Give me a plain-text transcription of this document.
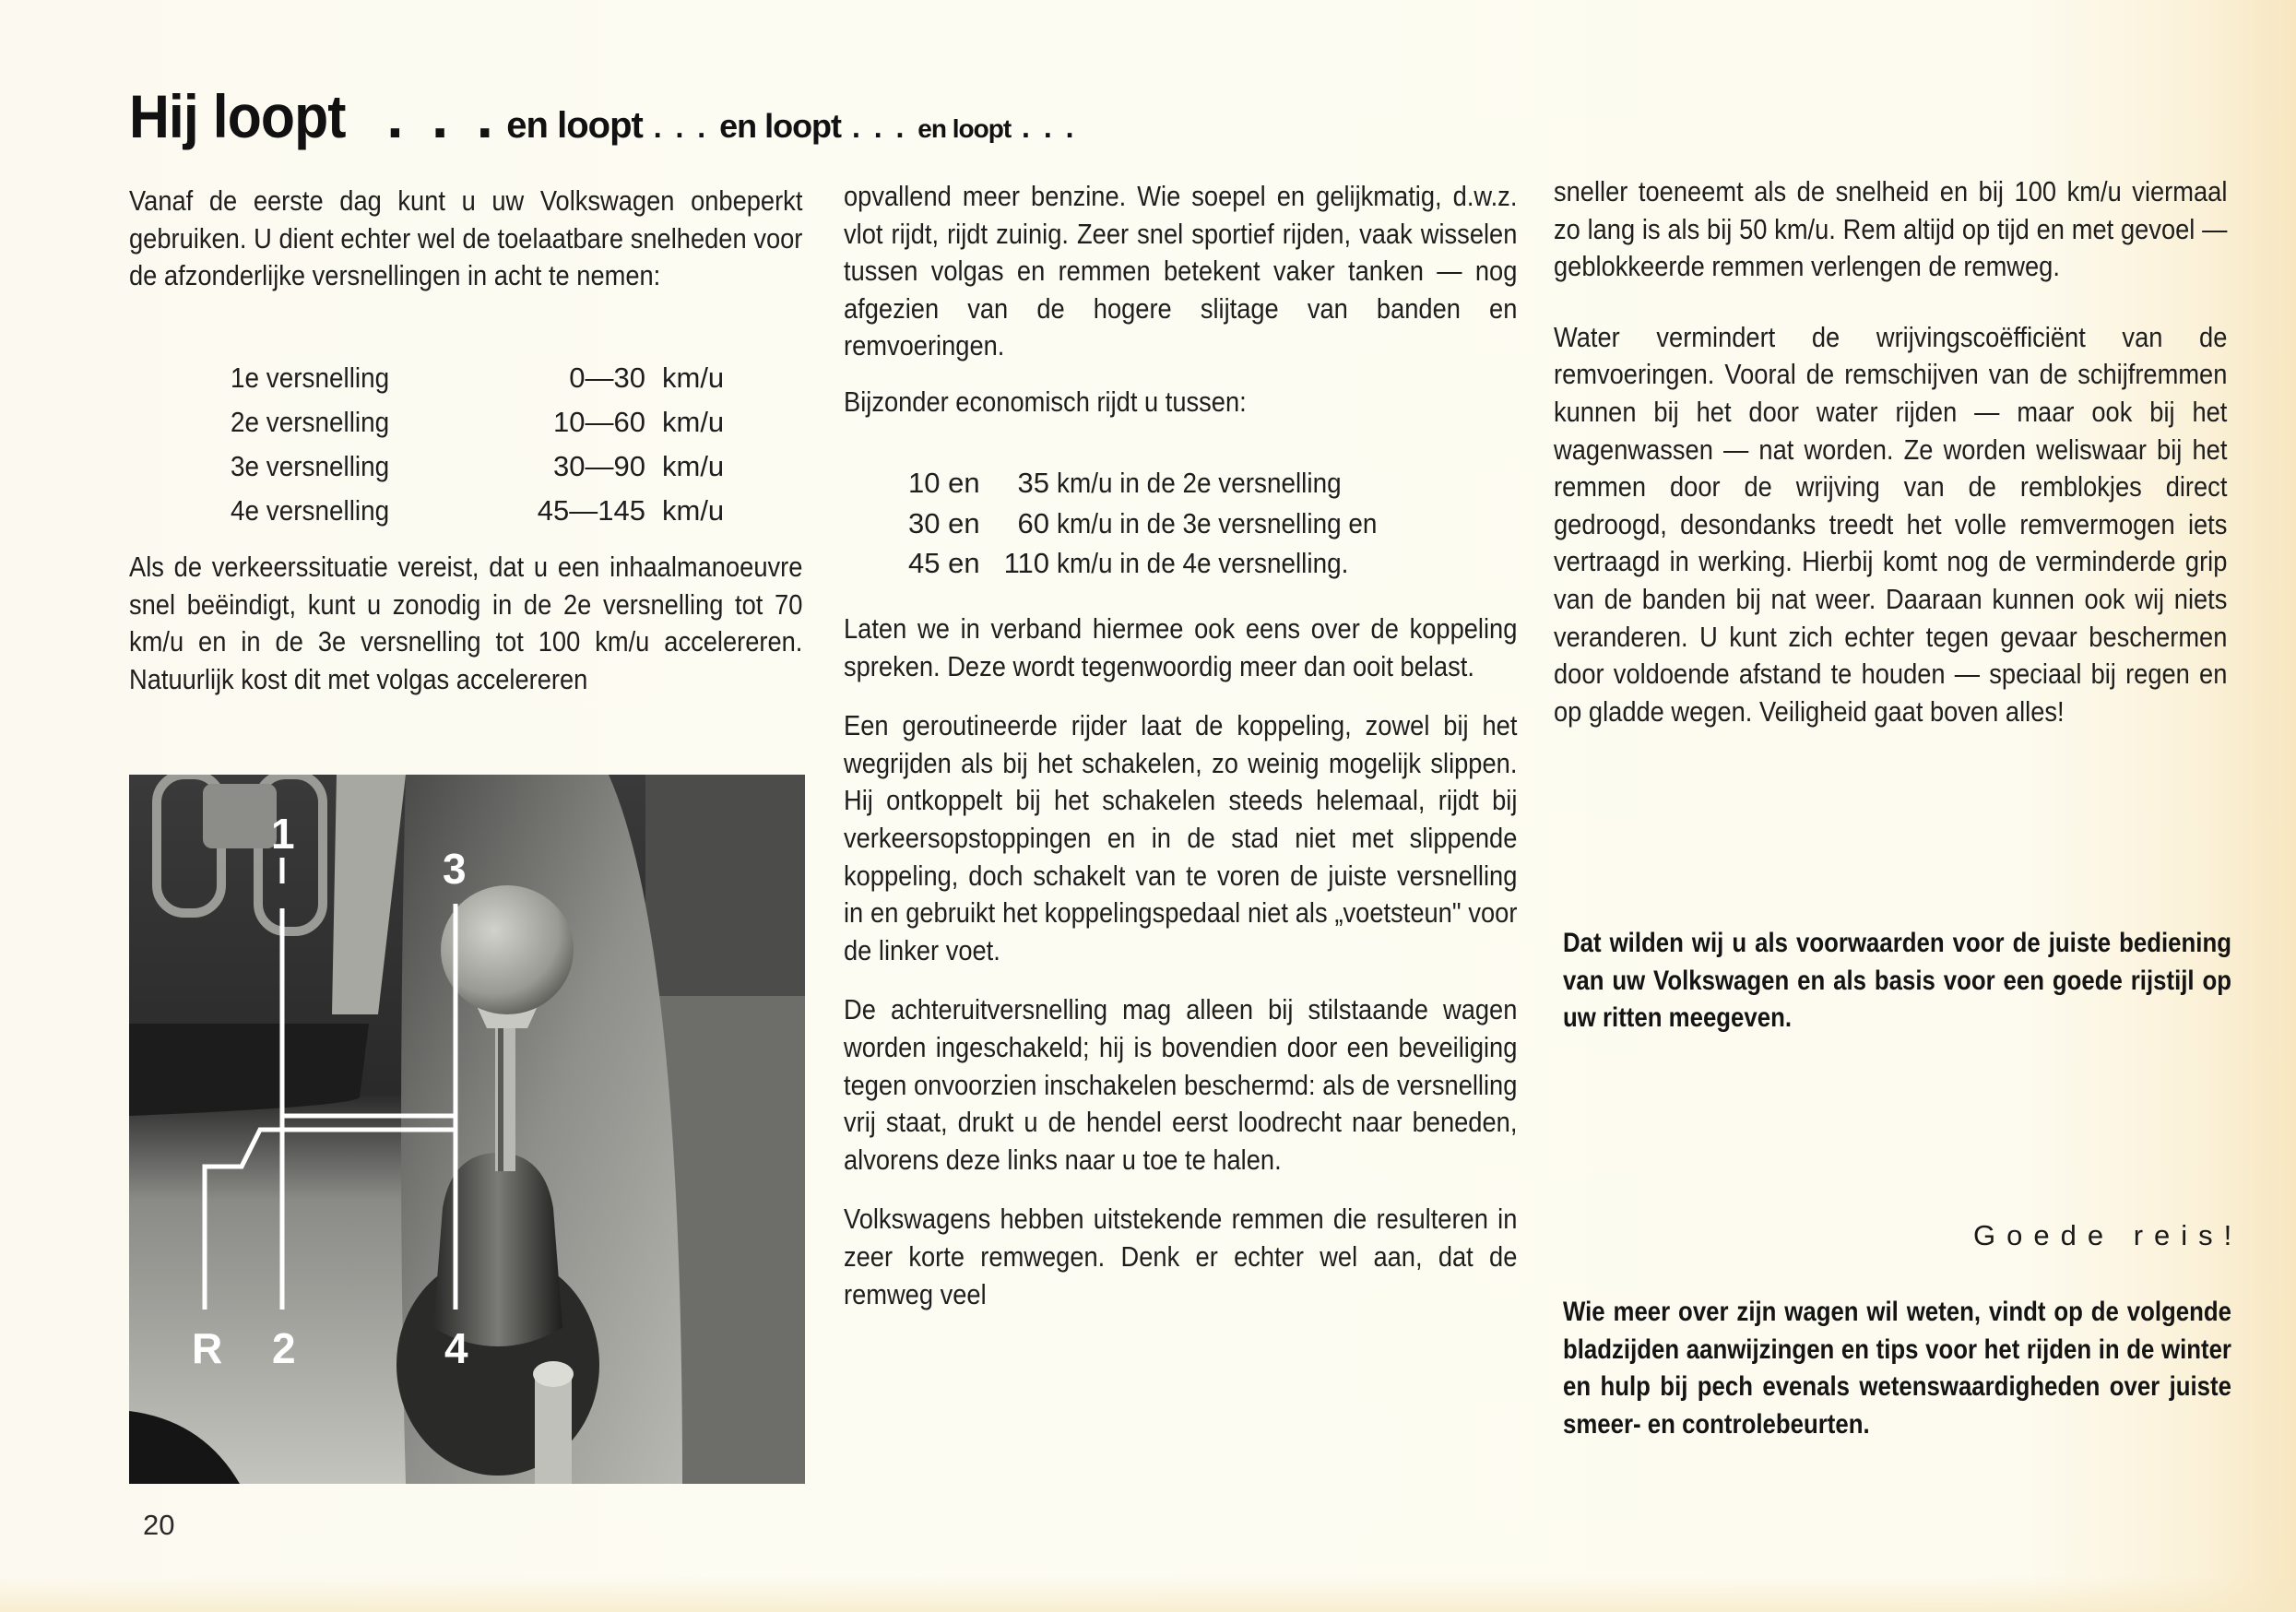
Hij loopt . . . en loopt . . . en loopt . . . en loopt . . .

Vanaf de eerste dag kunt u uw Volkswagen onbeperkt gebruiken. U dient echter wel de toelaatbare snelheden voor de afzonderlijke versnellingen in acht te nemen:

1e versnelling	0—30 km/u
2e versnelling	10—60 km/u
3e versnelling	30—90 km/u
4e versnelling	45—145 km/u

Als de verkeerssituatie vereist, dat u een inhaalmanoeuvre snel beëindigt, kunt u zonodig in de 2e versnelling tot 70 km/u en in de 3e versnelling tot 100 km/u accelereren. Natuurlijk kost dit met volgas accelereren

1
3
R 2	4
20

opvallend meer benzine. Wie soepel en gelijkmatig, d.w.z. vlot rijdt, rijdt zuinig. Zeer snel sportief rijden, vaak wisselen tussen volgas en remmen betekent vaker tanken — nog afgezien van de hogere slijtage van banden en remvoeringen.

Bijzonder economisch rijdt u tussen:

10 en	35 km/u in de 2e versnelling
30 en	60 km/u in de 3e versnelling en
45 en 110 km/u in de 4e versnelling.

Laten we in verband hiermee ook eens over de koppeling spreken. Deze wordt tegenwoordig meer dan ooit belast.

Een geroutineerde rijder laat de koppeling, zowel bij het wegrijden als bij het schakelen, zo weinig mogelijk slippen. Hij ontkoppelt bij het schakelen steeds helemaal, rijdt bij verkeersopstoppingen en in de stad niet met slippende koppeling, doch schakelt van te voren de juiste versnelling in en gebruikt het koppelingspedaal niet als „voetsteun" voor de linker voet.

De achteruitversnelling mag alleen bij stilstaande wagen worden ingeschakeld; hij is bovendien door een beveiliging tegen onvoorzien inschakelen beschermd: als de versnelling vrij staat, drukt u de hendel eerst loodrecht naar beneden, alvorens deze links naar u toe te halen.

Volkswagens hebben uitstekende remmen die resulteren in zeer korte remwegen. Denk er echter wel aan, dat de remweg veel

sneller toeneemt als de snelheid en bij 100 km/u viermaal zo lang is als bij 50 km/u. Rem altijd op tijd en met gevoel — geblokkeerde remmen verlengen de remweg.

Water vermindert de wrijvingscoëfficiënt van de remvoeringen. Vooral de remschijven van de schijfremmen kunnen bij het door water rijden — maar ook bij het wagenwassen — nat worden. Ze worden weliswaar bij het remmen door de wrijving van de remblokjes direct gedroogd, desondanks treedt het volle remvermogen iets vertraagd in werking. Hierbij komt nog de verminderde grip van de banden bij nat weer. Daaraan kunnen ook wij niets veranderen. U kunt zich echter tegen gevaar beschermen door voldoende afstand te houden — speciaal bij regen en op gladde wegen. Veiligheid gaat boven alles!

Dat wilden wij u als voorwaarden voor de juiste bediening van uw Volkswagen en als basis voor een goede rijstijl op uw ritten meegeven.

Goede reis!

Wie meer over zijn wagen wil weten, vindt op de volgende bladzijden aanwijzingen en tips voor het rijden in de winter en hulp bij pech evenals wetenswaardigheden over juiste smeer- en controlebeurten.
